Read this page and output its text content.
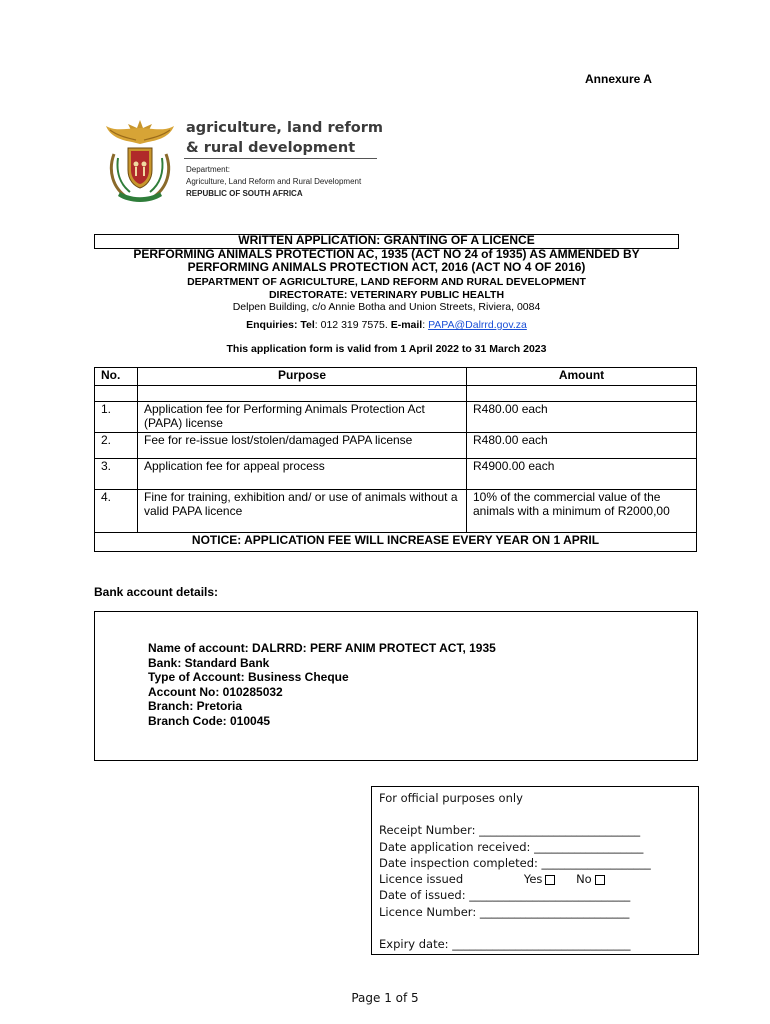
Annexure A
agriculture, land reform
& rural development
Department:
Agriculture, Land Reform and Rural Development
REPUBLIC OF SOUTH AFRICA
WRITTEN APPLICATION: GRANTING OF A LICENCE
PERFORMING ANIMALS PROTECTION AC, 1935 (ACT NO 24 of 1935) AS AMMENDED BY
PERFORMING ANIMALS PROTECTION ACT, 2016 (ACT NO 4 OF 2016)
DEPARTMENT OF AGRICULTURE, LAND REFORM AND RURAL DEVELOPMENT
DIRECTORATE: VETERINARY PUBLIC HEALTH
Delpen Building, c/o Annie Botha and Union Streets, Riviera, 0084
Enquiries: Tel: 012 319 7575. E-mail: PAPA@Dalrrd.gov.za
This application form is valid from 1 April 2022 to 31 March 2023
No.	Purpose	Amount

1.	Application fee for Performing Animals Protection Act (PAPA) license	R480.00 each
2.	Fee for re-issue lost/stolen/damaged PAPA license	R480.00 each
3.	Application fee for appeal process	R4900.00 each
4.	Fine for training, exhibition and/ or use of animals without a valid PAPA licence	10% of the commercial value of the animals with a minimum of R2000,00
NOTICE: APPLICATION FEE WILL INCREASE EVERY YEAR ON 1 APRIL		
Bank account details:
Name of account: DALRRD: PERF ANIM PROTECT ACT, 1935
Bank: Standard Bank
Type of Account: Business Cheque
Account No: 010285032
Branch: Pretoria
Branch Code: 010045
For official purposes only
Receipt Number: ____________________________
Date application received: ___________________
Date inspection completed: ___________________
Licence issued	Yes	No
Date of issued: ____________________________
Licence Number: __________________________
Expiry date: _______________________________
Page 1 of 5
